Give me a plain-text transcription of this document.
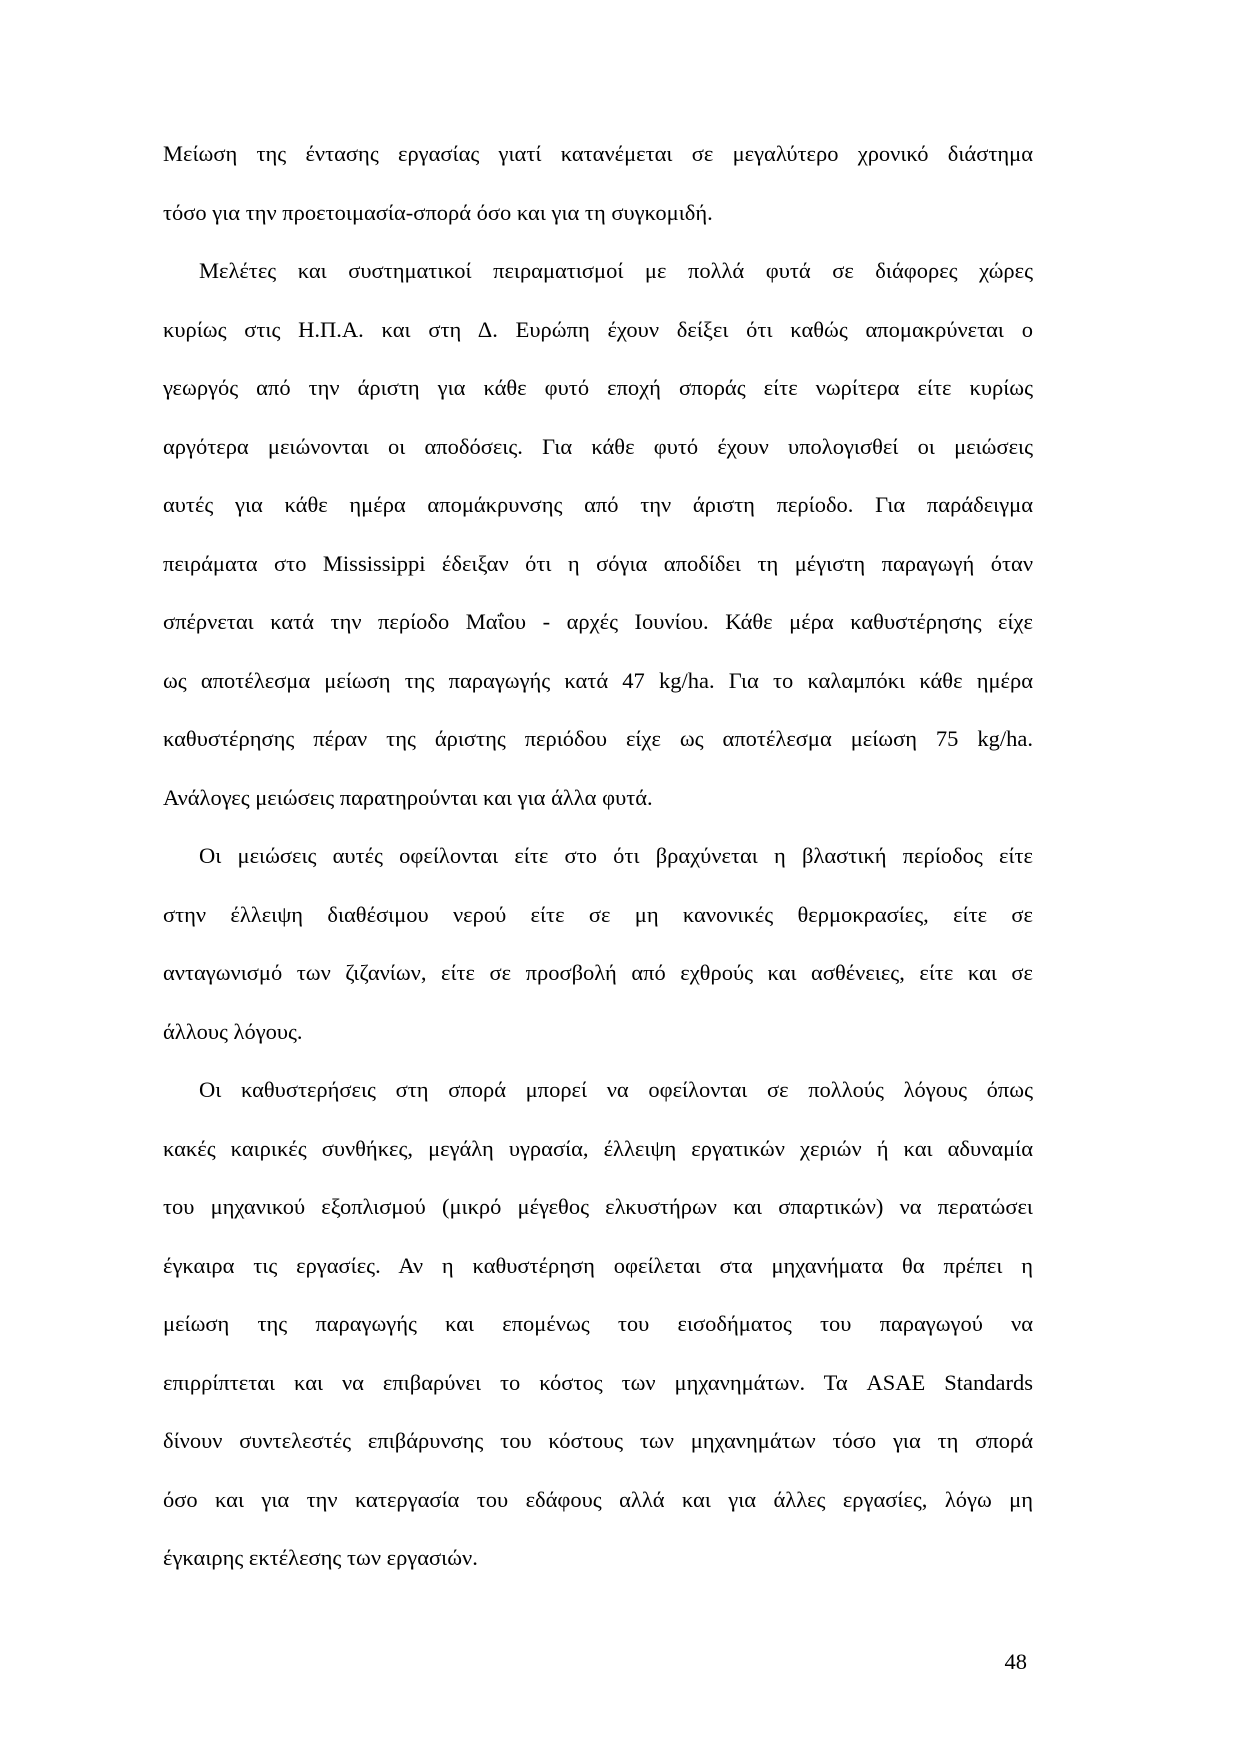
Μείωση της έντασης εργασίας γιατί κατανέμεται σε μεγαλύτερο χρονικό διάστημα
τόσο για την προετοιμασία-σπορά όσο και για τη συγκομιδή.
Μελέτες και συστηματικοί πειραματισμοί με πολλά φυτά σε διάφορες χώρες
κυρίως στις Η.Π.Α. και στη Δ. Ευρώπη έχουν δείξει ότι καθώς απομακρύνεται ο
γεωργός από την άριστη για κάθε φυτό εποχή σποράς είτε νωρίτερα είτε κυρίως
αργότερα μειώνονται οι αποδόσεις. Για κάθε φυτό έχουν υπολογισθεί οι μειώσεις
αυτές για κάθε ημέρα απομάκρυνσης από την άριστη περίοδο. Για παράδειγμα
πειράματα στο Mississippi έδειξαν ότι η σόγια αποδίδει τη μέγιστη παραγωγή όταν
σπέρνεται κατά την περίοδο Μαΐου - αρχές Ιουνίου. Κάθε μέρα καθυστέρησης είχε
ως αποτέλεσμα μείωση της παραγωγής κατά 47 kg/ha. Για το καλαμπόκι κάθε ημέρα
καθυστέρησης πέραν της άριστης περιόδου είχε ως αποτέλεσμα μείωση 75 kg/ha.
Ανάλογες μειώσεις παρατηρούνται και για άλλα φυτά.
Οι μειώσεις αυτές οφείλονται είτε στο ότι βραχύνεται η βλαστική περίοδος είτε
στην έλλειψη διαθέσιμου νερού είτε σε μη κανονικές θερμοκρασίες, είτε σε
ανταγωνισμό των ζιζανίων, είτε σε προσβολή από εχθρούς και ασθένειες, είτε και σε
άλλους λόγους.
Οι καθυστερήσεις στη σπορά μπορεί να οφείλονται σε πολλούς λόγους όπως
κακές καιρικές συνθήκες, μεγάλη υγρασία, έλλειψη εργατικών χεριών ή και αδυναμία
του μηχανικού εξοπλισμού (μικρό μέγεθος ελκυστήρων και σπαρτικών) να περατώσει
έγκαιρα τις εργασίες. Αν η καθυστέρηση οφείλεται στα μηχανήματα θα πρέπει η
μείωση της παραγωγής και επομένως του εισοδήματος του παραγωγού να
επιρρίπτεται και να επιβαρύνει το κόστος των μηχανημάτων. Τα ASAE Standards
δίνουν συντελεστές επιβάρυνσης του κόστους των μηχανημάτων τόσο για τη σπορά
όσο και για την κατεργασία του εδάφους αλλά και για άλλες εργασίες, λόγω μη
έγκαιρης εκτέλεσης των εργασιών.
48
